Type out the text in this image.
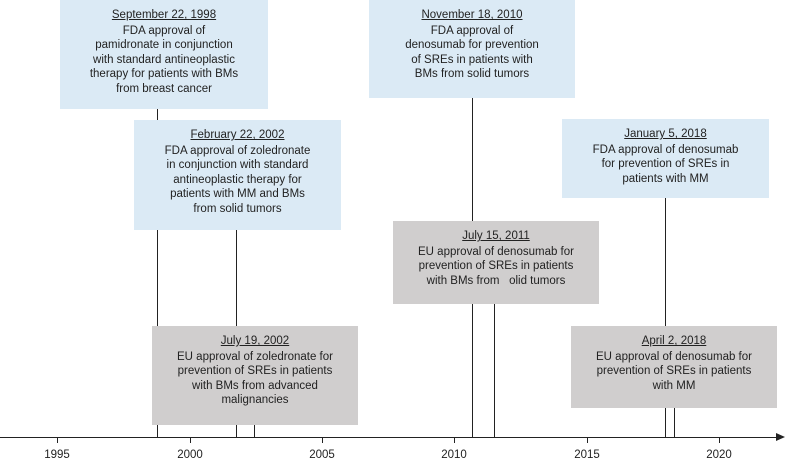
September 22, 1998
FDA approval of
pamidronate in conjunction
with standard antineoplastic
therapy for patients with BMs
from breast cancer
February 22, 2002
FDA approval of zoledronate
in conjunction with standard
antineoplastic therapy for
patients with MM and BMs
from solid tumors
July 19, 2002
EU approval of zoledronate for
prevention of SREs in patients
with BMs from advanced
malignancies
November 18, 2010
FDA approval of
denosumab for prevention
of SREs in patients with
BMs from solid tumors
July 15, 2011
EU approval of denosumab for
prevention of SREs in patients
with BMs from   olid tumors
January 5, 2018
FDA approval of denosumab
for prevention of SREs in
patients with MM
April 2, 2018
EU approval of denosumab for
prevention of SREs in patients
with MM
1995	2000	2005	2010	2015	2020
